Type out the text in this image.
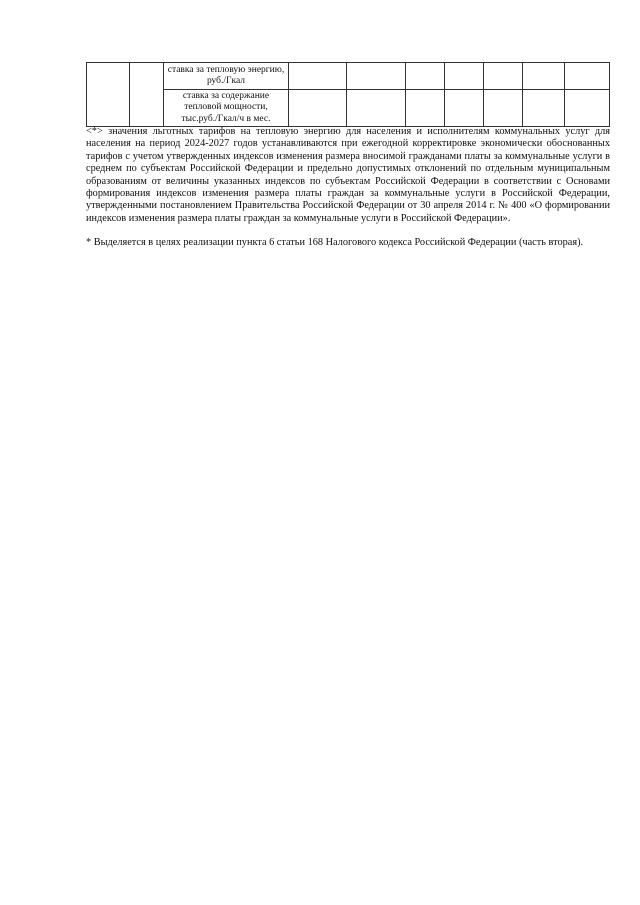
		ставка за тепловую энергию, руб./Гкал							

		ставка за содержание тепловой мощности, тыс.руб./Гкал/ч в мес.							

<*> значения льготных тарифов на тепловую энергию для населения и исполнителям коммунальных услуг для населения на период 2024-2027 годов устанавливаются при ежегодной корректировке экономически обоснованных тарифов с учетом утвержденных индексов изменения размера вносимой гражданами платы за коммунальные услуги в среднем по субъектам Российской Федерации и предельно допустимых отклонений по отдельным муниципальным образованиям от величины указанных индексов по субъектам Российской Федерации в соответствии с Основами формирования индексов изменения размера платы граждан за коммунальные услуги в Российской Федерации, утвержденными постановлением Правительства Российской Федерации от 30 апреля 2014 г. № 400 «О формировании индексов изменения размера платы граждан за коммунальные услуги в Российской Федерации».

* Выделяется в целях реализации пункта 6 статьи 168 Налогового кодекса Российской Федерации (часть вторая).
